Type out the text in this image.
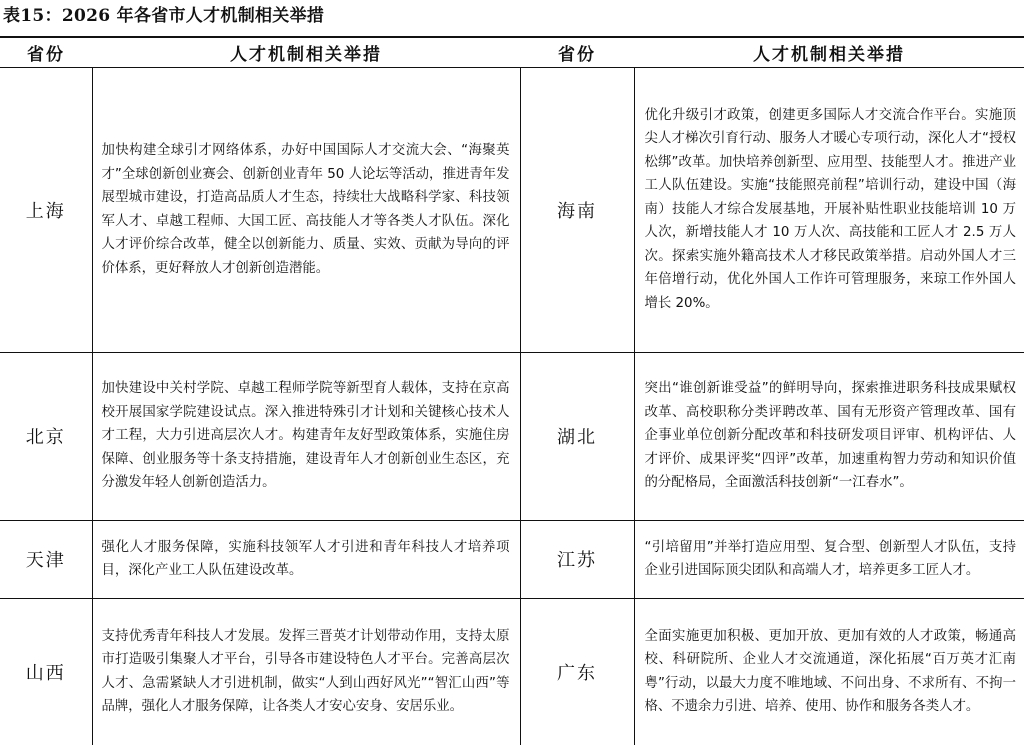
表15：2026 年各省市人才机制相关举措
省份	人才机制相关举措	省份	人才机制相关举措
上海	加快构建全球引才网络体系，办好中国国际人才交流大会、“海聚英才”全球创新创业赛会、创新创业青年 50 人论坛等活动，推进青年发展型城市建设，打造高品质人才生态，持续壮大战略科学家、科技领军人才、卓越工程师、大国工匠、高技能人才等各类人才队伍。深化人才评价综合改革，健全以创新能力、质量、实效、贡献为导向的评价体系，更好释放人才创新创造潜能。	海南	优化升级引才政策，创建更多国际人才交流合作平台。实施顶尖人才梯次引育行动、服务人才暖心专项行动，深化人才“授权松绑”改革。加快培养创新型、应用型、技能型人才。推进产业工人队伍建设。实施“技能照亮前程”培训行动，建设中国（海南）技能人才综合发展基地，开展补贴性职业技能培训 10 万人次，新增技能人才 10 万人次、高技能和工匠人才 2.5 万人次。探索实施外籍高技术人才移民政策举措。启动外国人才三年倍增行动，优化外国人工作许可管理服务，来琼工作外国人增长 20%。
北京	加快建设中关村学院、卓越工程师学院等新型育人载体，支持在京高校开展国家学院建设试点。深入推进特殊引才计划和关键核心技术人才工程，大力引进高层次人才。构建青年友好型政策体系，实施住房保障、创业服务等十条支持措施，建设青年人才创新创业生态区，充分激发年轻人创新创造活力。	湖北	突出“谁创新谁受益”的鲜明导向，探索推进职务科技成果赋权改革、高校职称分类评聘改革、国有无形资产管理改革、国有企事业单位创新分配改革和科技研发项目评审、机构评估、人才评价、成果评奖“四评”改革，加速重构智力劳动和知识价值的分配格局，全面激活科技创新“一江春水”。
天津	强化人才服务保障，实施科技领军人才引进和青年科技人才培养项目，深化产业工人队伍建设改革。	江苏	“引培留用”并举打造应用型、复合型、创新型人才队伍，支持企业引进国际顶尖团队和高端人才，培养更多工匠人才。
山西	支持优秀青年科技人才发展。发挥三晋英才计划带动作用，支持太原市打造吸引集聚人才平台，引导各市建设特色人才平台。完善高层次人才、急需紧缺人才引进机制，做实“人到山西好风光”“智汇山西”等品牌，强化人才服务保障，让各类人才安心安身、安居乐业。	广东	全面实施更加积极、更加开放、更加有效的人才政策，畅通高校、科研院所、企业人才交流通道，深化拓展“百万英才汇南粤”行动，以最大力度不唯地域、不问出身、不求所有、不拘一格、不遗余力引进、培养、使用、协作和服务各类人才。
